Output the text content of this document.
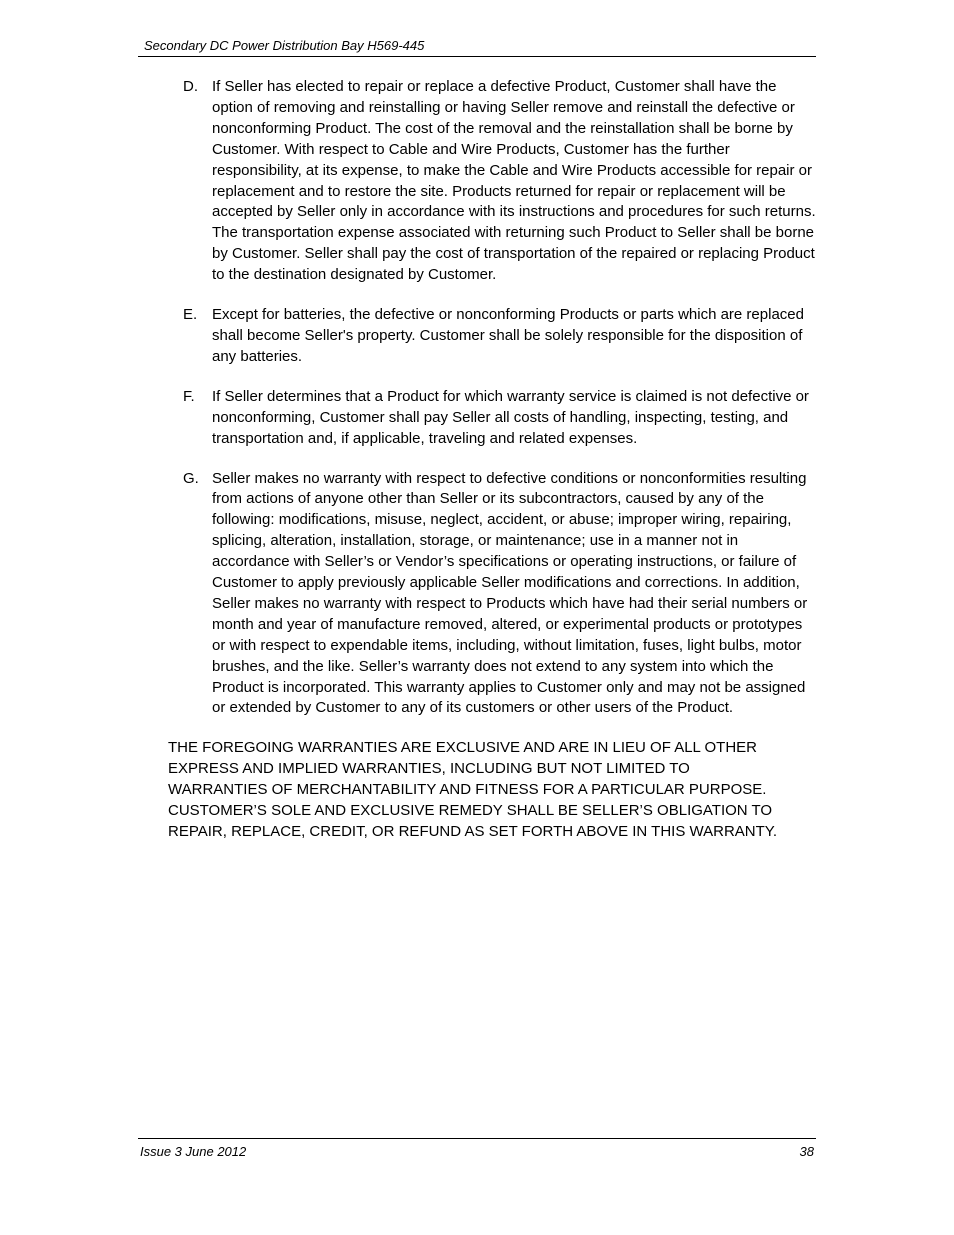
Secondary DC Power Distribution Bay H569-445
D. If Seller has elected to repair or replace a defective Product, Customer shall have the option of removing and reinstalling or having Seller remove and reinstall the defective or nonconforming Product. The cost of the removal and the reinstallation shall be borne by Customer. With respect to Cable and Wire Products, Customer has the further responsibility, at its expense, to make the Cable and Wire Products accessible for repair or replacement and to restore the site. Products returned for repair or replacement will be accepted by Seller only in accordance with its instructions and procedures for such returns. The transportation expense associated with returning such Product to Seller shall be borne by Customer. Seller shall pay the cost of transportation of the repaired or replacing Product to the destination designated by Customer.

E. Except for batteries, the defective or nonconforming Products or parts which are replaced shall become Seller's property. Customer shall be solely responsible for the disposition of any batteries.

F. If Seller determines that a Product for which warranty service is claimed is not defective or nonconforming, Customer shall pay Seller all costs of handling, inspecting, testing, and transportation and, if applicable, traveling and related expenses.

G. Seller makes no warranty with respect to defective conditions or nonconformities resulting from actions of anyone other than Seller or its subcontractors, caused by any of the following: modifications, misuse, neglect, accident, or abuse; improper wiring, repairing, splicing, alteration, installation, storage, or maintenance; use in a manner not in accordance with Seller’s or Vendor’s specifications or operating instructions, or failure of Customer to apply previously applicable Seller modifications and corrections. In addition, Seller makes no warranty with respect to Products which have had their serial numbers or month and year of manufacture removed, altered, or experimental products or prototypes or with respect to expendable items, including, without limitation, fuses, light bulbs, motor brushes, and the like. Seller’s warranty does not extend to any system into which the Product is incorporated. This warranty applies to Customer only and may not be assigned or extended by Customer to any of its customers or other users of the Product.

THE FOREGOING WARRANTIES ARE EXCLUSIVE AND ARE IN LIEU OF ALL OTHER EXPRESS AND IMPLIED WARRANTIES, INCLUDING BUT NOT LIMITED TO WARRANTIES OF MERCHANTABILITY AND FITNESS FOR A PARTICULAR PURPOSE. CUSTOMER’S SOLE AND EXCLUSIVE REMEDY SHALL BE SELLER’S OBLIGATION TO REPAIR, REPLACE, CREDIT, OR REFUND AS SET FORTH ABOVE IN THIS WARRANTY.

Issue 3 June 2012	38
